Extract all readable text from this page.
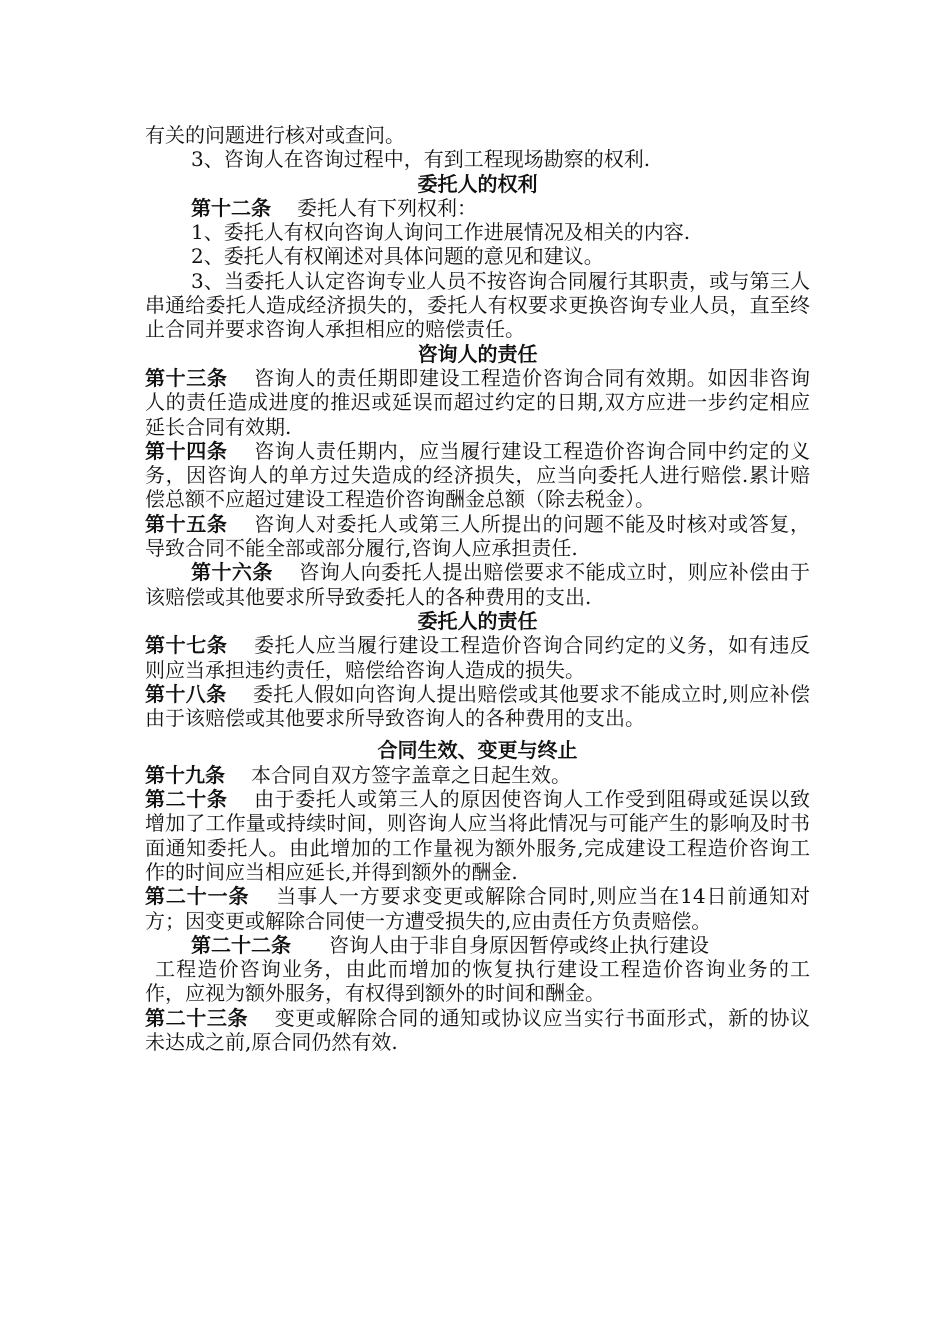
有关的问题进行核对或查问。

3、咨询人在咨询过程中，有到工程现场勘察的权利.

委托人的权利

第十二条 委托人有下列权利：

1、委托人有权向咨询人询问工作进展情况及相关的内容.

2、委托人有权阐述对具体问题的意见和建议。

3、当委托人认定咨询专业人员不按咨询合同履行其职责，或与第三人串通给委托人造成经济损失的，委托人有权要求更换咨询专业人员，直至终止合同并要求咨询人承担相应的赔偿责任。

咨询人的责任

第十三条 咨询人的责任期即建设工程造价咨询合同有效期。如因非咨询人的责任造成进度的推迟或延误而超过约定的日期,双方应进一步约定相应延长合同有效期.

第十四条 咨询人责任期内，应当履行建设工程造价咨询合同中约定的义务，因咨询人的单方过失造成的经济损失，应当向委托人进行赔偿.累计赔偿总额不应超过建设工程造价咨询酬金总额（除去税金）。

第十五条 咨询人对委托人或第三人所提出的问题不能及时核对或答复，导致合同不能全部或部分履行,咨询人应承担责任.

第十六条 咨询人向委托人提出赔偿要求不能成立时，则应补偿由于该赔偿或其他要求所导致委托人的各种费用的支出.

委托人的责任

第十七条 委托人应当履行建设工程造价咨询合同约定的义务，如有违反则应当承担违约责任，赔偿给咨询人造成的损失。

第十八条 委托人假如向咨询人提出赔偿或其他要求不能成立时,则应补偿由于该赔偿或其他要求所导致咨询人的各种费用的支出。

合同生效、变更与终止

第十九条 本合同自双方签字盖章之日起生效。

第二十条 由于委托人或第三人的原因使咨询人工作受到阻碍或延误以致增加了工作量或持续时间，则咨询人应当将此情况与可能产生的影响及时书面通知委托人。由此增加的工作量视为额外服务,完成建设工程造价咨询工作的时间应当相应延长,并得到额外的酬金.

第二十一条 当事人一方要求变更或解除合同时,则应当在14日前通知对方；因变更或解除合同使一方遭受损失的,应由责任方负责赔偿。

第二十二条 咨询人由于非自身原因暂停或终止执行建设

工程造价咨询业务，由此而增加的恢复执行建设工程造价咨询业务的工作，应视为额外服务，有权得到额外的时间和酬金。

第二十三条 变更或解除合同的通知或协议应当实行书面形式，新的协议未达成之前,原合同仍然有效.
